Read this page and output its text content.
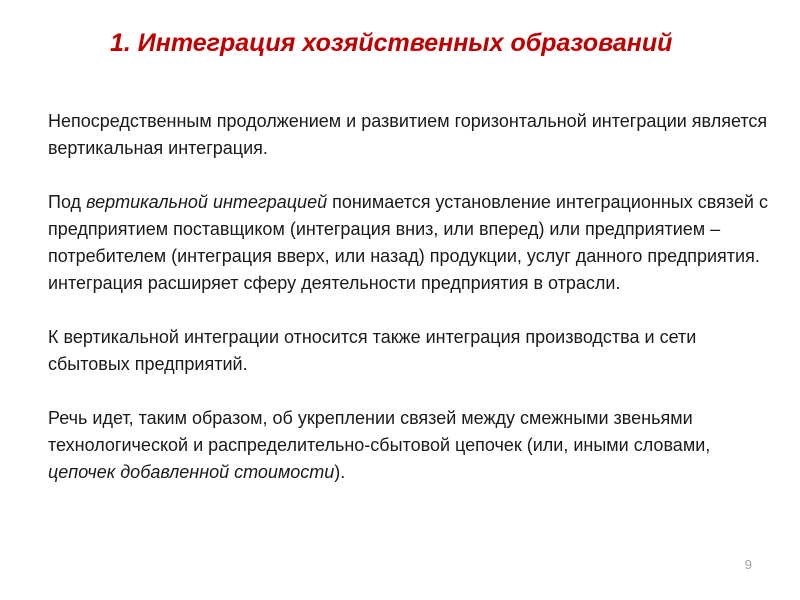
1. Интеграция хозяйственных образований

Непосредственным продолжением и развитием горизонтальной интеграции является вертикальная интеграция.

Под вертикальной интеграцией понимается установление интеграционных связей с предприятием поставщиком (интеграция вниз, или вперед) или предприятием – потребителем (интеграция вверх, или назад) продукции, услуг данного предприятия. интеграция расширяет сферу деятельности предприятия в отрасли.

К вертикальной интеграции относится также интеграция производства и сети сбытовых предприятий.

Речь идет, таким образом, об укреплении связей между смежными звеньями технологической и распределительно-сбытовой цепочек (или, иными словами, цепочек добавленной стоимости).

9
